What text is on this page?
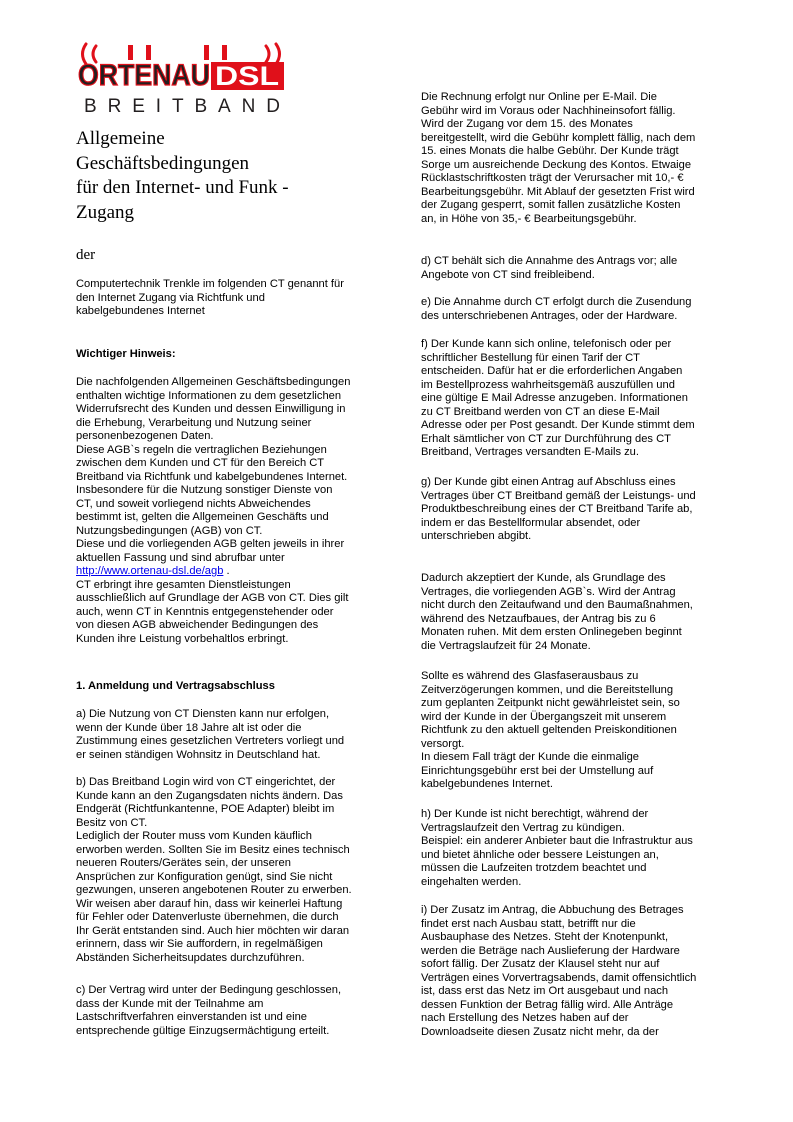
ORTENAU DSL
BREITBAND
Allgemeine
Geschäftsbedingungen
für den Internet- und Funk -
Zugang
der

Computertechnik Trenkle im folgenden CT genannt für
den Internet Zugang via Richtfunk und
kabelgebundenes Internet

Wichtiger Hinweis:

Die nachfolgenden Allgemeinen Geschäftsbedingungen
enthalten wichtige Informationen zu dem gesetzlichen
Widerrufsrecht des Kunden und dessen Einwilligung in
die Erhebung, Verarbeitung und Nutzung seiner
personenbezogenen Daten.
Diese AGB`s regeln die vertraglichen Beziehungen
zwischen dem Kunden und CT für den Bereich CT
Breitband via Richtfunk und kabelgebundenes Internet.
Insbesondere für die Nutzung sonstiger Dienste von
CT, und soweit vorliegend nichts Abweichendes
bestimmt ist, gelten die Allgemeinen Geschäfts und
Nutzungsbedingungen (AGB) von CT.
Diese und die vorliegenden AGB gelten jeweils in ihrer
aktuellen Fassung und sind abrufbar unter

http://www.ortenau-dsl.de/agb .

CT erbringt ihre gesamten Dienstleistungen
ausschließlich auf Grundlage der AGB von CT. Dies gilt
auch, wenn CT in Kenntnis entgegenstehender oder
von diesen AGB abweichender Bedingungen des
Kunden ihre Leistung vorbehaltlos erbringt.

1. Anmeldung und Vertragsabschluss

a) Die Nutzung von CT Diensten kann nur erfolgen,
wenn der Kunde über 18 Jahre alt ist oder die
Zustimmung eines gesetzlichen Vertreters vorliegt und
er seinen ständigen Wohnsitz in Deutschland hat.

b) Das Breitband Login wird von CT eingerichtet, der
Kunde kann an den Zugangsdaten nichts ändern. Das
Endgerät (Richtfunkantenne, POE Adapter) bleibt im
Besitz von CT.
Lediglich der Router muss vom Kunden käuflich
erworben werden. Sollten Sie im Besitz eines technisch
neueren Routers/Gerätes sein, der unseren
Ansprüchen zur Konfiguration genügt, sind Sie nicht
gezwungen, unseren angebotenen Router zu erwerben.
Wir weisen aber darauf hin, dass wir keinerlei Haftung
für Fehler oder Datenverluste übernehmen, die durch
Ihr Gerät entstanden sind. Auch hier möchten wir daran
erinnern, dass wir Sie auffordern, in regelmäßigen
Abständen Sicherheitsupdates durchzuführen.

c) Der Vertrag wird unter der Bedingung geschlossen,
dass der Kunde mit der Teilnahme am
Lastschriftverfahren einverstanden ist und eine
entsprechende gültige Einzugsermächtigung erteilt.

Die Rechnung erfolgt nur Online per E-Mail. Die
Gebühr wird im Voraus oder Nachhineinsofort fällig.
Wird der Zugang vor dem 15. des Monates
bereitgestellt, wird die Gebühr komplett fällig, nach dem
15. eines Monats die halbe Gebühr. Der Kunde trägt
Sorge um ausreichende Deckung des Kontos. Etwaige
Rücklastschriftkosten trägt der Verursacher mit 10,- €
Bearbeitungsgebühr. Mit Ablauf der gesetzten Frist wird
der Zugang gesperrt, somit fallen zusätzliche Kosten
an, in Höhe von 35,- € Bearbeitungsgebühr.

d) CT behält sich die Annahme des Antrags vor; alle
Angebote von CT sind freibleibend.

e) Die Annahme durch CT erfolgt durch die Zusendung
des unterschriebenen Antrages, oder der Hardware.

f) Der Kunde kann sich online, telefonisch oder per
schriftlicher Bestellung für einen Tarif der CT
entscheiden. Dafür hat er die erforderlichen Angaben
im Bestellprozess wahrheitsgemäß auszufüllen und
eine gültige E Mail Adresse anzugeben. Informationen
zu CT Breitband werden von CT an diese E-Mail
Adresse oder per Post gesandt. Der Kunde stimmt dem
Erhalt sämtlicher von CT zur Durchführung des CT
Breitband, Vertrages versandten E-Mails zu.

g) Der Kunde gibt einen Antrag auf Abschluss eines
Vertrages über CT Breitband gemäß der Leistungs- und
Produktbeschreibung eines der CT Breitband Tarife ab,
indem er das Bestellformular absendet, oder
unterschrieben abgibt.

Dadurch akzeptiert der Kunde, als Grundlage des
Vertrages, die vorliegenden AGB`s. Wird der Antrag
nicht durch den Zeitaufwand und den Baumaßnahmen,
während des Netzaufbaues, der Antrag bis zu 6
Monaten ruhen. Mit dem ersten Onlinegeben beginnt
die Vertragslaufzeit für 24 Monate.

Sollte es während des Glasfaserausbaus zu
Zeitverzögerungen kommen, und die Bereitstellung
zum geplanten Zeitpunkt nicht gewährleistet sein, so
wird der Kunde in der Übergangszeit mit unserem
Richtfunk zu den aktuell geltenden Preiskonditionen
versorgt.
In diesem Fall trägt der Kunde die einmalige
Einrichtungsgebühr erst bei der Umstellung auf
kabelgebundenes Internet.

h) Der Kunde ist nicht berechtigt, während der
Vertragslaufzeit den Vertrag zu kündigen.
Beispiel: ein anderer Anbieter baut die Infrastruktur aus
und bietet ähnliche oder bessere Leistungen an,
müssen die Laufzeiten trotzdem beachtet und
eingehalten werden.

i) Der Zusatz im Antrag, die Abbuchung des Betrages
findet erst nach Ausbau statt, betrifft nur die
Ausbauphase des Netzes. Steht der Knotenpunkt,
werden die Beträge nach Auslieferung der Hardware
sofort fällig. Der Zusatz der Klausel steht nur auf
Verträgen eines Vorvertragsabends, damit offensichtlich
ist, dass erst das Netz im Ort ausgebaut und nach
dessen Funktion der Betrag fällig wird. Alle Anträge
nach Erstellung des Netzes haben auf der
Downloadseite diesen Zusatz nicht mehr, da der
